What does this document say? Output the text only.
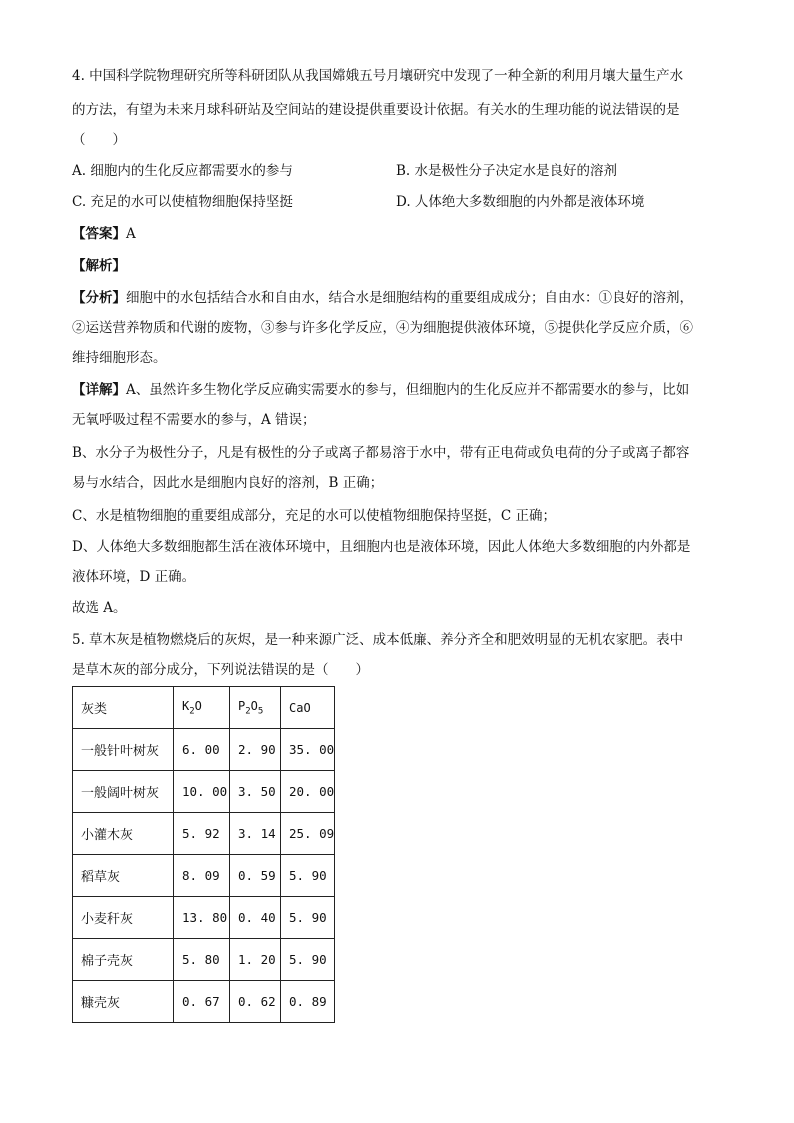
4. 中国科学院物理研究所等科研团队从我国嫦娥五号月壤研究中发现了一种全新的利用月壤大量生产水
的方法，有望为未来月球科研站及空间站的建设提供重要设计依据。有关水的生理功能的说法错误的是
（　　）
A. 细胞内的生化反应都需要水的参与	B. 水是极性分子决定水是良好的溶剂
C. 充足的水可以使植物细胞保持坚挺	D. 人体绝大多数细胞的内外都是液体环境
【答案】A
【解析】
【分析】细胞中的水包括结合水和自由水，结合水是细胞结构的重要组成成分；自由水：①良好的溶剂，
②运送营养物质和代谢的废物，③参与许多化学反应，④为细胞提供液体环境，⑤提供化学反应介质，⑥
维持细胞形态。
【详解】A、虽然许多生物化学反应确实需要水的参与，但细胞内的生化反应并不都需要水的参与，比如
无氧呼吸过程不需要水的参与，A 错误；
B、水分子为极性分子，凡是有极性的分子或离子都易溶于水中，带有正电荷或负电荷的分子或离子都容
易与水结合，因此水是细胞内良好的溶剂，B 正确；
C、水是植物细胞的重要组成部分，充足的水可以使植物细胞保持坚挺，C 正确；
D、人体绝大多数细胞都生活在液体环境中，且细胞内也是液体环境，因此人体绝大多数细胞的内外都是
液体环境，D 正确。
故选 A。
5. 草木灰是植物燃烧后的灰烬，是一种来源广泛、成本低廉、养分齐全和肥效明显的无机农家肥。表中
是草木灰的部分成分，下列说法错误的是（　　）
灰类	$K_2O$	$P_2O_5$	CaO
一般针叶树灰	6. 00	2. 90	35. 00
一般阔叶树灰	10. 00	3. 50	20. 00
小灌木灰	5. 92	3. 14	25. 09
稻草灰	8. 09	0. 59	5. 90
小麦秆灰	13. 80	0. 40	5. 90
棉子壳灰	5. 80	1. 20	5. 90
糠壳灰	0. 67	0. 62	0. 89
